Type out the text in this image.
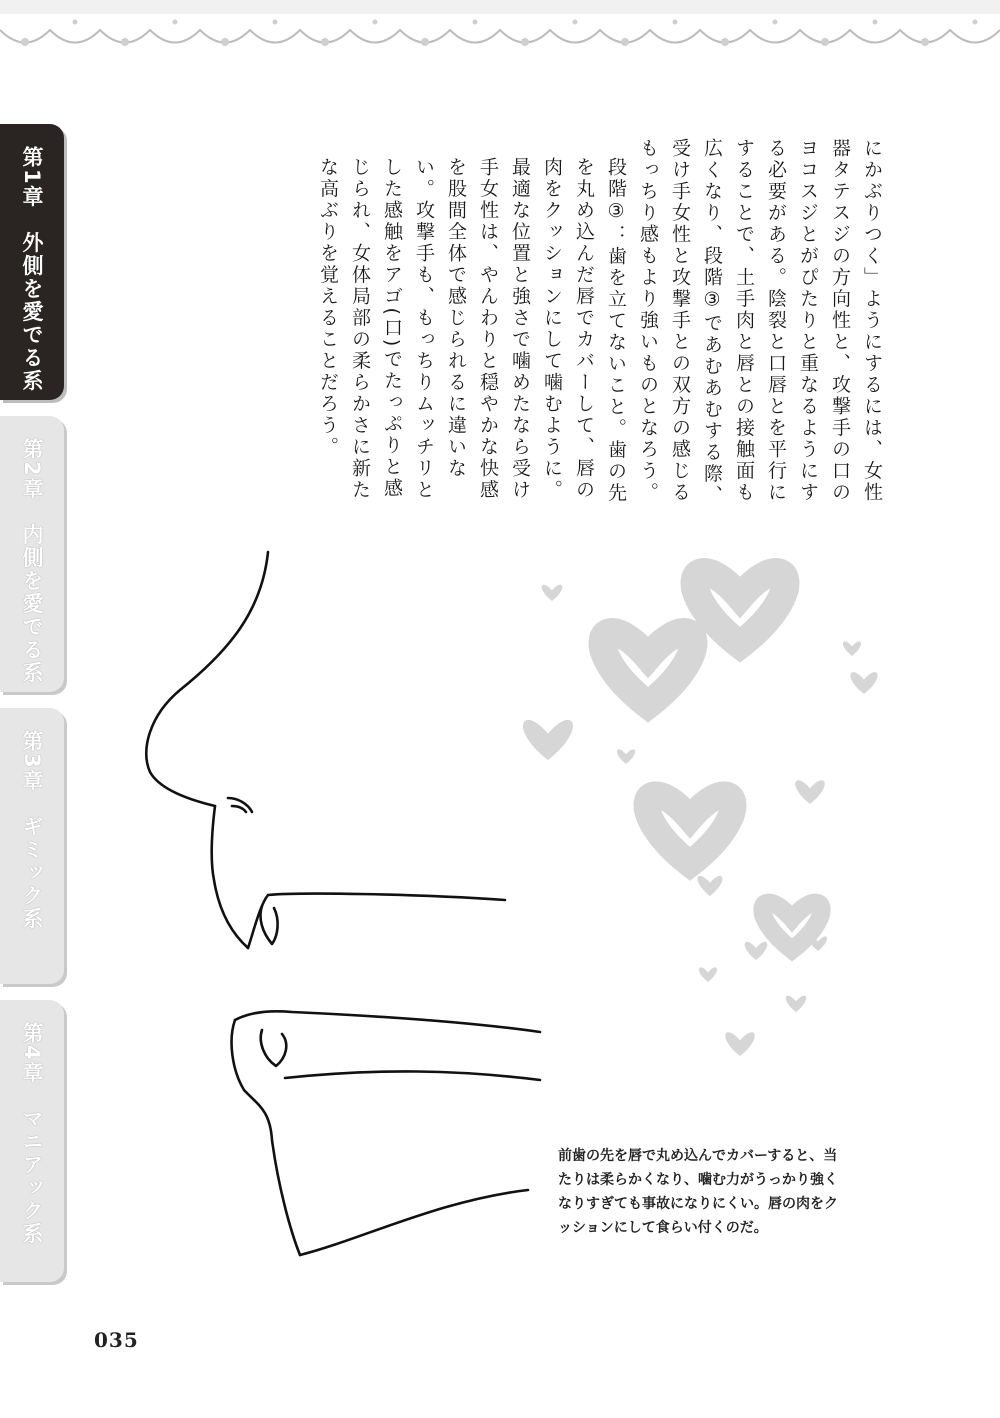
第1章　外側を愛でる系
第2章　内側を愛でる系
第3章　ギミック系
第4章　マニアック系

にかぶりつく」ようにするには、女性器タテスジの方向性と、攻撃手の口のヨコスジとがぴたりと重なるようにする必要がある。陰裂と口唇とを平行にすることで、土手肉と唇との接触面も広くなり、段階③であむあむする際、受け手女性と攻撃手との双方の感じるもっちり感もより強いものとなろう。

段階③：歯を立てないこと。歯の先を丸め込んだ唇でカバーして、唇の肉をクッションにして噛むように。

最適な位置と強さで噛めたなら受け手女性は、やんわりと穏やかな快感を股間全体で感じられるに違いない。攻撃手も、もっちりムッチリとした感触をアゴ(口)でたっぷりと感じられ、女体局部の柔らかさに新たな高ぶりを覚えることだろう。

前歯の先を唇で丸め込んでカバーすると、当たりは柔らかくなり、噛む力がうっかり強くなりすぎても事故になりにくい。唇の肉をクッションにして食らい付くのだ。
035
